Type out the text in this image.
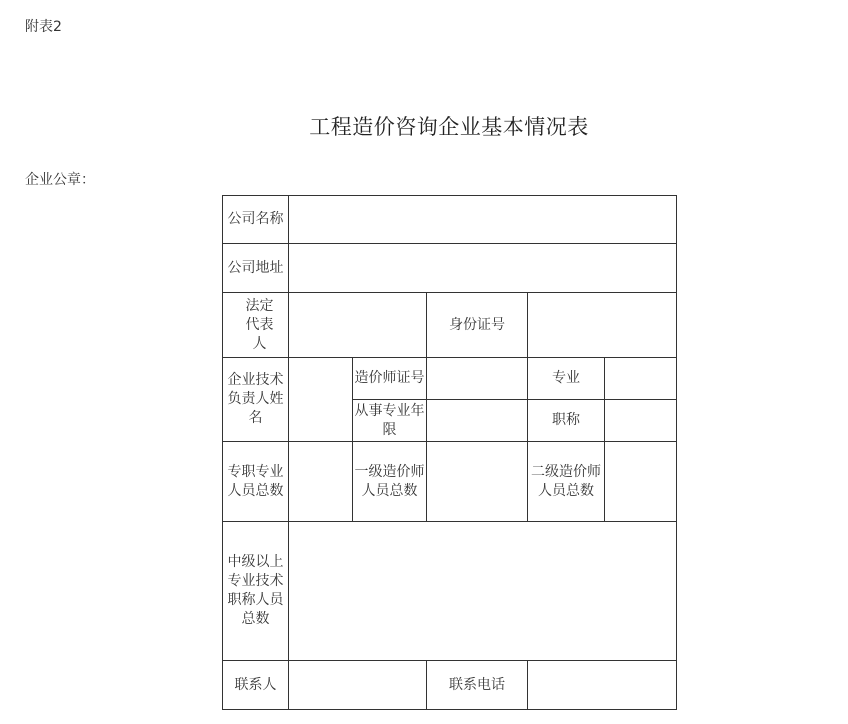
附表2
工程造价咨询企业基本情况表
企业公章：
公司名称					
公司地址					
法定代表人			身份证号		
企业技术负责人姓名		造价师证号		专业	
		从事专业年限		职称	
专职专业人员总数		一级造价师人员总数		二级造价师人员总数	
中级以上专业技术职称人员总数					
联系人			联系电话		
